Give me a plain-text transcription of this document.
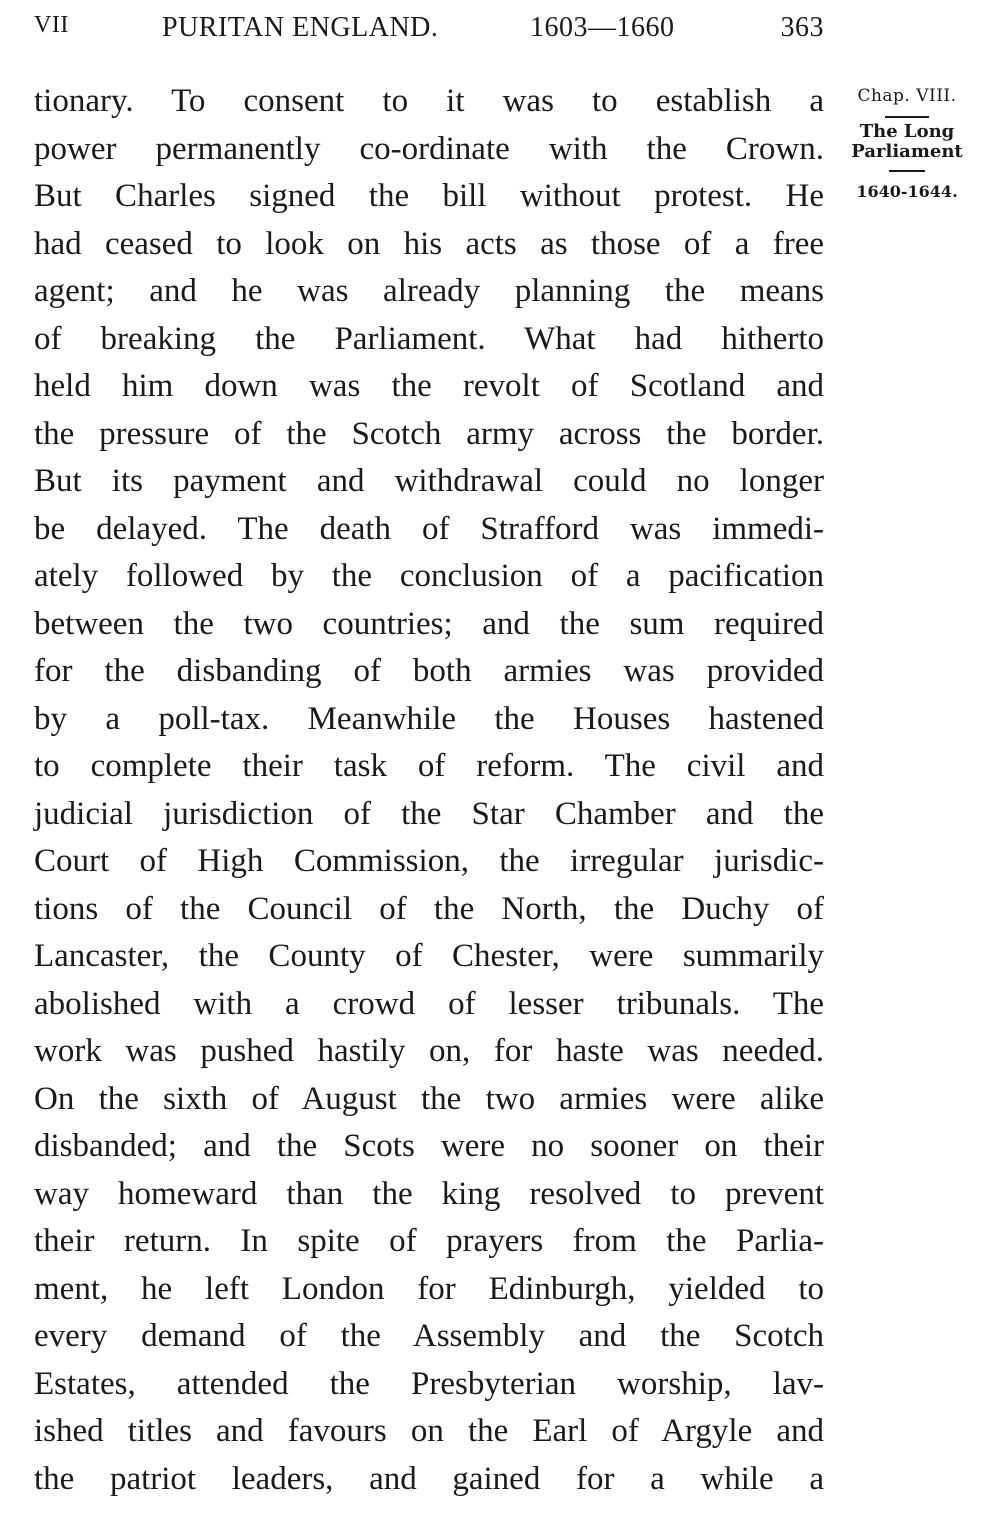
VII	PURITAN ENGLAND.	1603—1660	363
tionary. To consent to it was to establish a
power permanently co-ordinate with the Crown.
But Charles signed the bill without protest. He
had ceased to look on his acts as those of a free
agent; and he was already planning the means
of breaking the Parliament. What had hitherto
held him down was the revolt of Scotland and
the pressure of the Scotch army across the border.
But its payment and withdrawal could no longer
be delayed. The death of Strafford was immedi-
ately followed by the conclusion of a pacification
between the two countries; and the sum required
for the disbanding of both armies was provided
by a poll-tax. Meanwhile the Houses hastened
to complete their task of reform. The civil and
judicial jurisdiction of the Star Chamber and the
Court of High Commission, the irregular jurisdic-
tions of the Council of the North, the Duchy of
Lancaster, the County of Chester, were summarily
abolished with a crowd of lesser tribunals. The
work was pushed hastily on, for haste was needed.
On the sixth of August the two armies were alike
disbanded; and the Scots were no sooner on their
way homeward than the king resolved to prevent
their return. In spite of prayers from the Parlia-
ment, he left London for Edinburgh, yielded to
every demand of the Assembly and the Scotch
Estates, attended the Presbyterian worship, lav-
ished titles and favours on the Earl of Argyle and
the patriot leaders, and gained for a while a
Chap. VIII.
The Long
Parliament
1640-1644.
